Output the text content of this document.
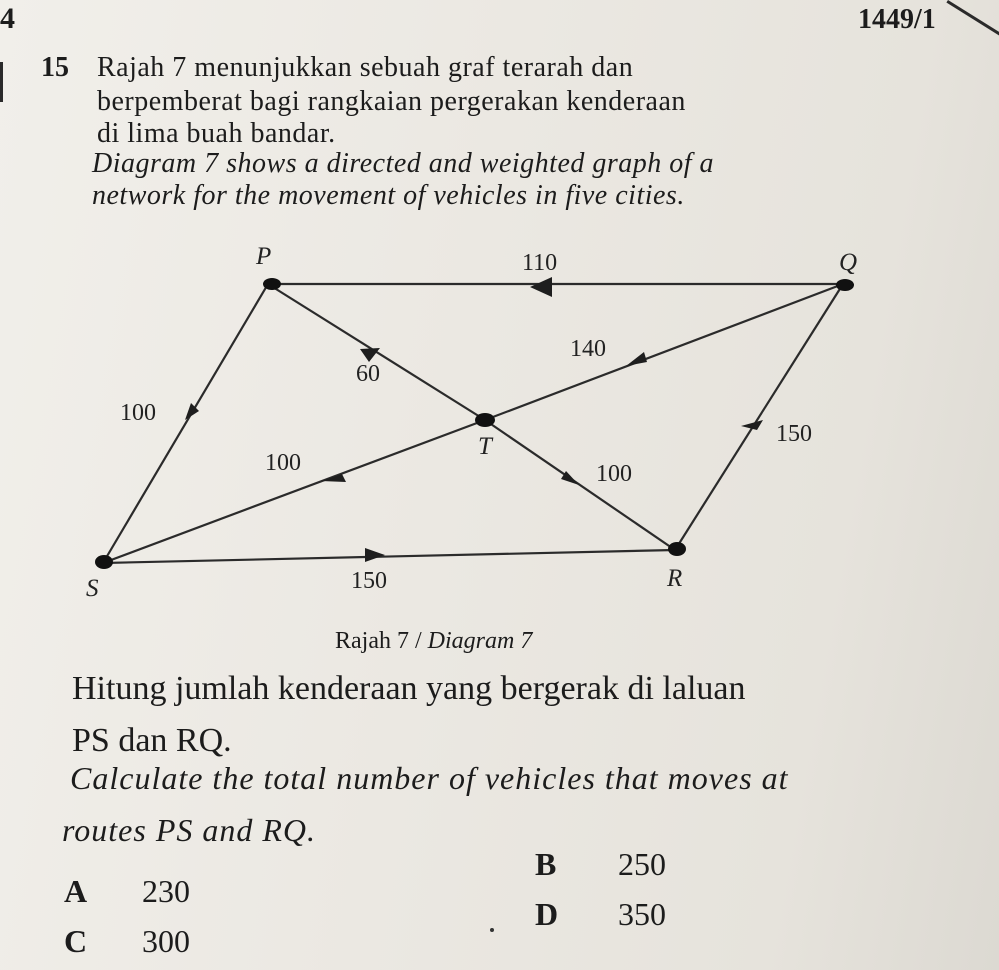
4	1449/1
15 Rajah 7 menunjukkan sebuah graf terarah dan
berpemberat bagi rangkaian pergerakan kenderaan
di lima buah bandar.
Diagram 7 shows a directed and weighted graph of a
network for the movement of vehicles in five cities.
P	Q
T
R
S
110
60
140
100
100	100
150
150
Rajah 7 / Diagram 7
Hitung jumlah kenderaan yang bergerak di laluan
PS dan RQ.
Calculate the total number of vehicles that moves at
routes PS and RQ.
B 250
A 230
D 350
C 300
